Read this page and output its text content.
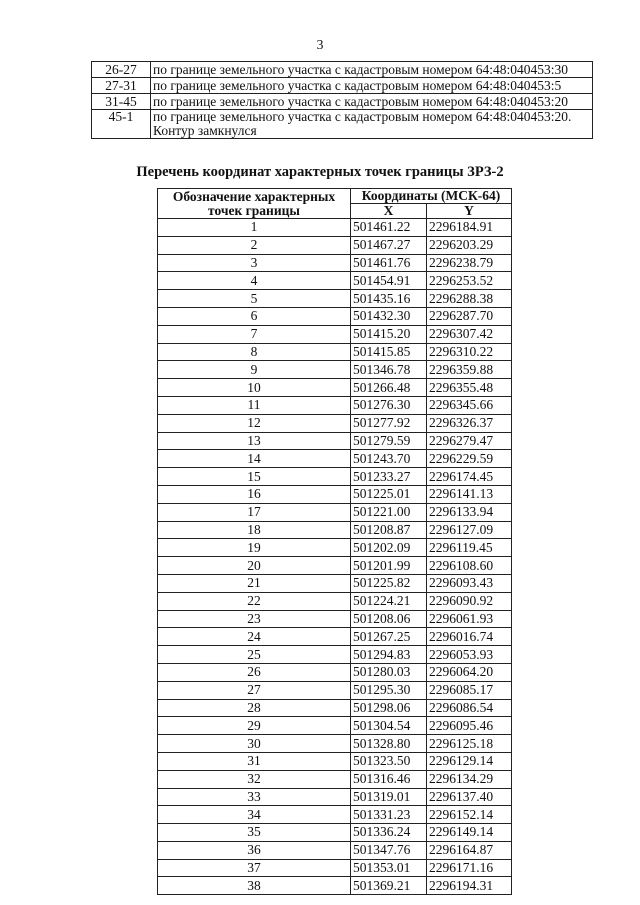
3
26-27	по границе земельного участка с кадастровым номером 64:48:040453:30
27-31	по границе земельного участка с кадастровым номером 64:48:040453:5
31-45	по границе земельного участка с кадастровым номером 64:48:040453:20
45-1	по границе земельного участка с кадастровым номером 64:48:040453:20.
Контур замкнулся
Перечень координат характерных точек границы ЗРЗ-2
Обозначение характерных точек границы	Координаты (МСК-64)	
	X	Y
1	501461.22	2296184.91
2	501467.27	2296203.29
3	501461.76	2296238.79
4	501454.91	2296253.52
5	501435.16	2296288.38
6	501432.30	2296287.70
7	501415.20	2296307.42
8	501415.85	2296310.22
9	501346.78	2296359.88
10	501266.48	2296355.48
11	501276.30	2296345.66
12	501277.92	2296326.37
13	501279.59	2296279.47
14	501243.70	2296229.59
15	501233.27	2296174.45
16	501225.01	2296141.13
17	501221.00	2296133.94
18	501208.87	2296127.09
19	501202.09	2296119.45
20	501201.99	2296108.60
21	501225.82	2296093.43
22	501224.21	2296090.92
23	501208.06	2296061.93
24	501267.25	2296016.74
25	501294.83	2296053.93
26	501280.03	2296064.20
27	501295.30	2296085.17
28	501298.06	2296086.54
29	501304.54	2296095.46
30	501328.80	2296125.18
31	501323.50	2296129.14
32	501316.46	2296134.29
33	501319.01	2296137.40
34	501331.23	2296152.14
35	501336.24	2296149.14
36	501347.76	2296164.87
37	501353.01	2296171.16
38	501369.21	2296194.31
